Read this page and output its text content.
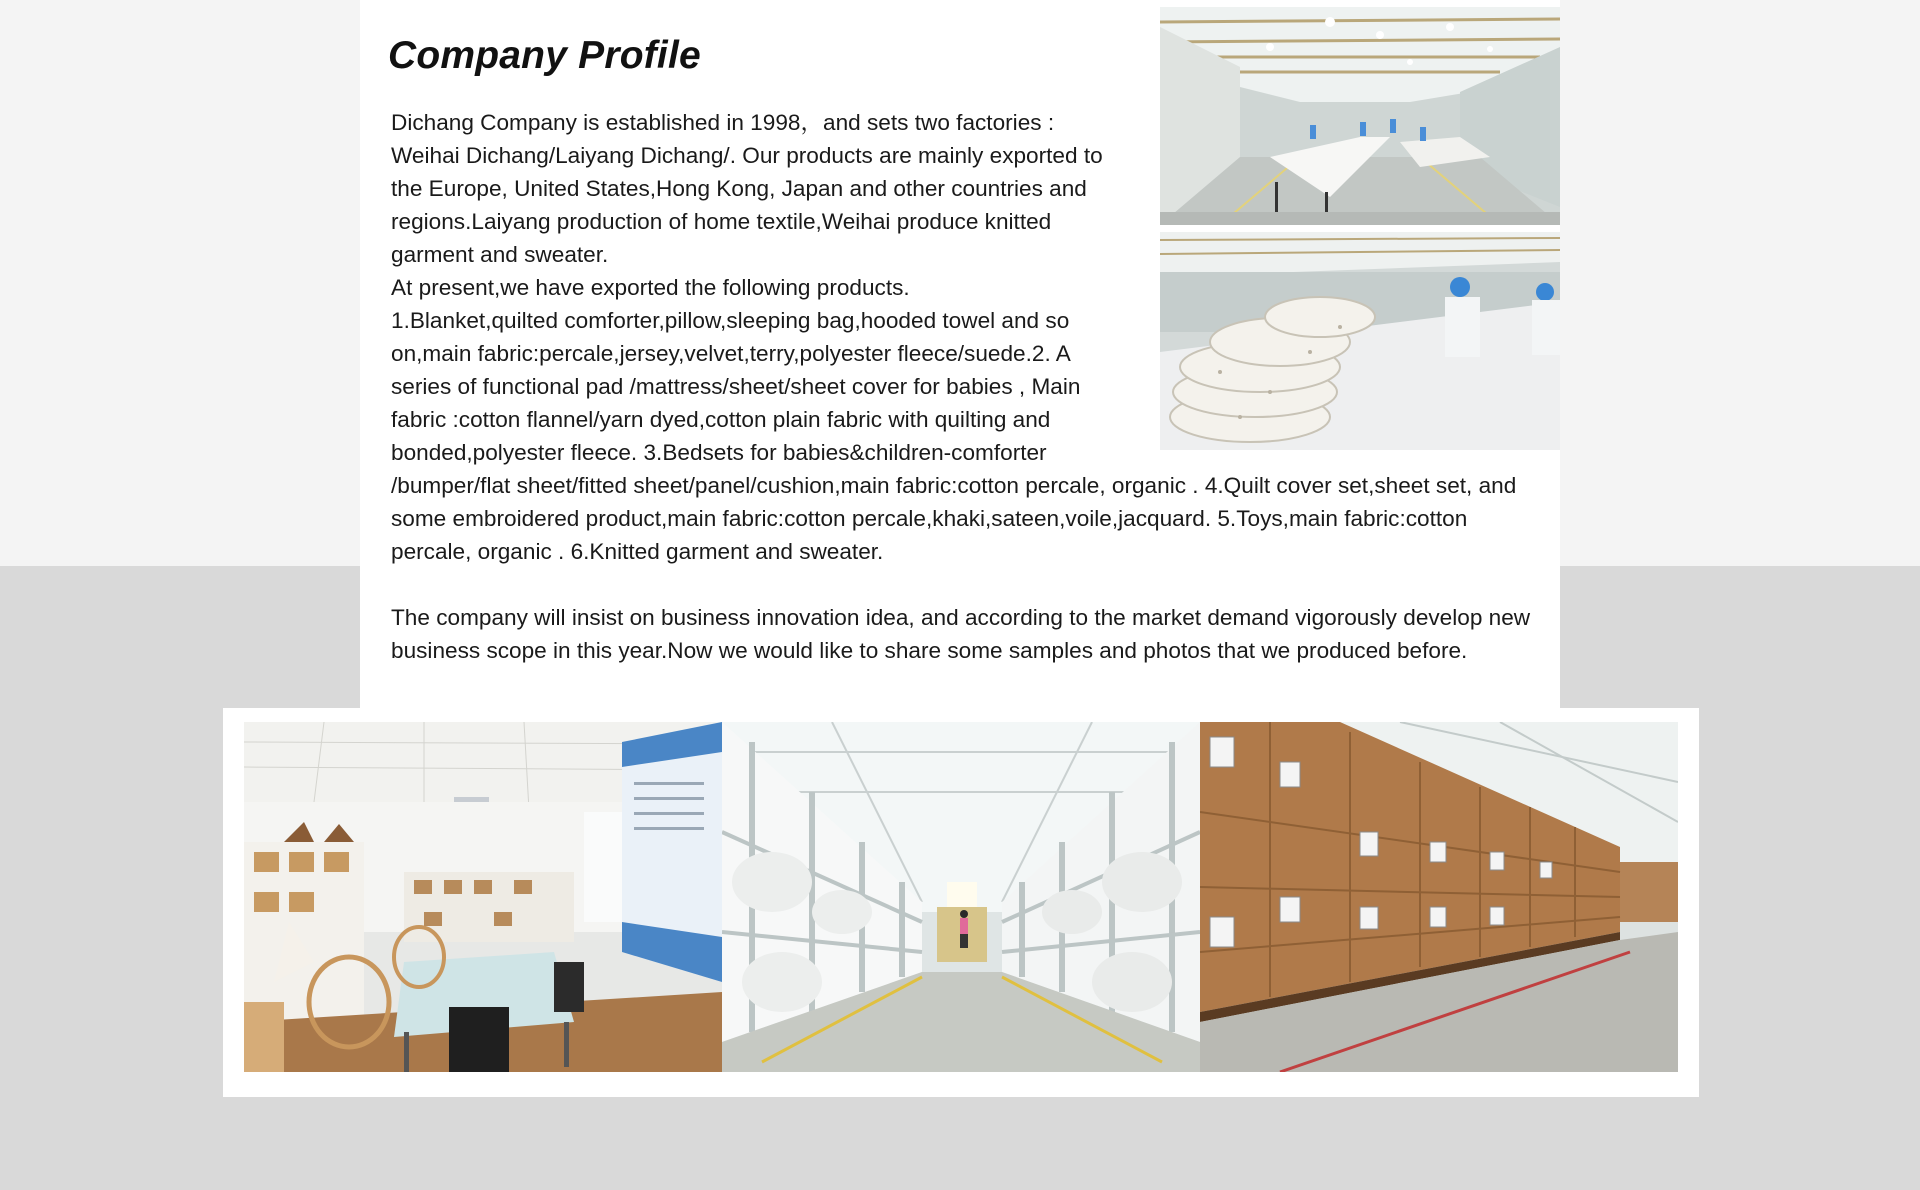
Company Profile

Dichang Company is established in 1998，and sets two factories : Weihai Dichang/Laiyang Dichang/. Our products are mainly exported to the Europe, United States,Hong Kong, Japan and other countries and regions.Laiyang production of home textile,Weihai produce knitted garment and sweater.

At present,we have exported the following products.

1.Blanket,quilted comforter,pillow,sleeping bag,hooded towel and so on,main fabric:percale,jersey,velvet,terry,polyester fleece/suede.2. A series of functional pad /mattress/sheet/sheet cover for babies , Main fabric :cotton flannel/yarn dyed,cotton plain fabric with quilting and bonded,polyester fleece. 3.Bedsets for babies&children-comforter /bumper/flat sheet/fitted sheet/panel/cushion,main fabric:cotton percale, organic . 4.Quilt cover set,sheet set, and some embroidered product,main fabric:cotton percale,khaki,sateen,voile,jacquard. 5.Toys,main fabric:cotton percale, organic . 6.Knitted garment and sweater.

The company will insist on business innovation idea, and according to the market demand vigorously develop new business scope in this year.Now we would like to share some samples and photos that we produced before.
